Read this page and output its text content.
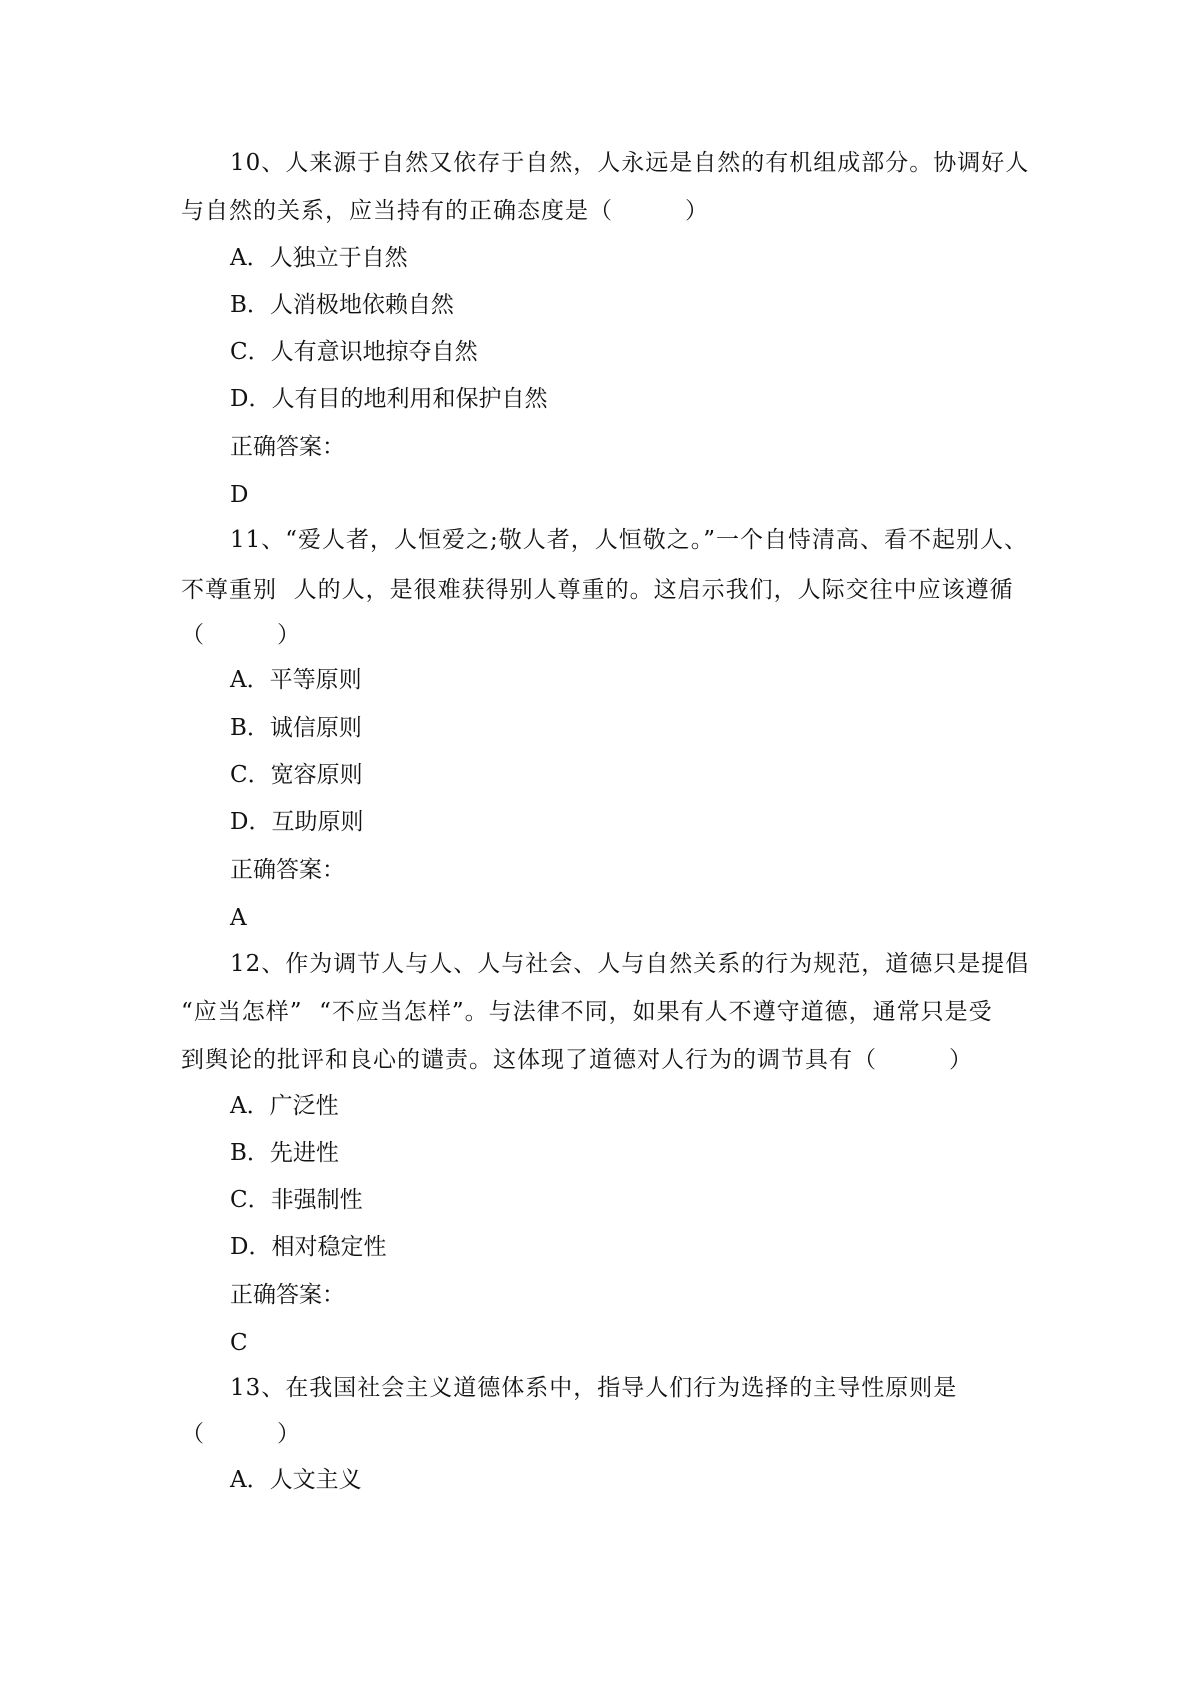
10、人来源于自然又依存于自然，人永远是自然的有机组成部分。协调好人
与自然的关系，应当持有的正确态度是（　　　）
A．人独立于自然
B．人消极地依赖自然
C．人有意识地掠夺自然
D．人有目的地利用和保护自然
正确答案：
D
11、“爱人者，人恒爱之;敬人者，人恒敬之。”一个自恃清高、看不起别人、
不尊重别  人的人，是很难获得别人尊重的。这启示我们，人际交往中应该遵循
（　　　）
A．平等原则
B．诚信原则
C．宽容原则
D．互助原则
正确答案：
A
12、作为调节人与人、人与社会、人与自然关系的行为规范，道德只是提倡
“应当怎样”  “不应当怎样”。与法律不同，如果有人不遵守道德，通常只是受
到舆论的批评和良心的谴责。这体现了道德对人行为的调节具有（　　　）
A．广泛性
B．先进性
C．非强制性
D．相对稳定性
正确答案：
C
13、在我国社会主义道德体系中，指导人们行为选择的主导性原则是
（　　　）
A．人文主义
